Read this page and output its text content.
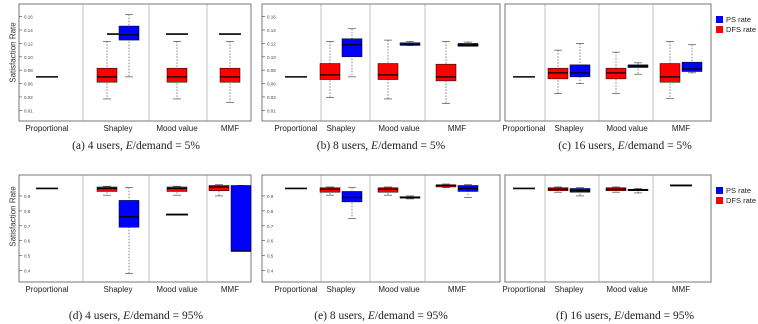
0.01
0.02
0.06
0.08
0.10
0.12
0.14
0.16
Proportional	Shapley	Mood value	MMF
0.01
0.02
0.06
0.08
0.10
0.12
0.14
0.16
Proportional Shapley	Mood value	MMF	Proportional Shapley	Mood value	MMF
0.4
0.5
0.6
0.7
0.8
0.9
Proportional	Shapley	Mood value	MMF
0.4
0.5
0.6
0.7
0.8
0.9
Proportional Shapley	Mood value	MMF	Proportional Shapley	Mood value	MMF
Satisfaction Rate
Satisfaction Rate
PS rate
DFS rate
PS rate
DFS rate
(a) 4 users, E/demand = 5%	(b) 8 users, E/demand = 5%	(c) 16 users, E/demand = 5%
(d) 4 users, E/demand = 95%	(e) 8 users, E/demand = 95%	(f) 16 users, E/demand = 95%
